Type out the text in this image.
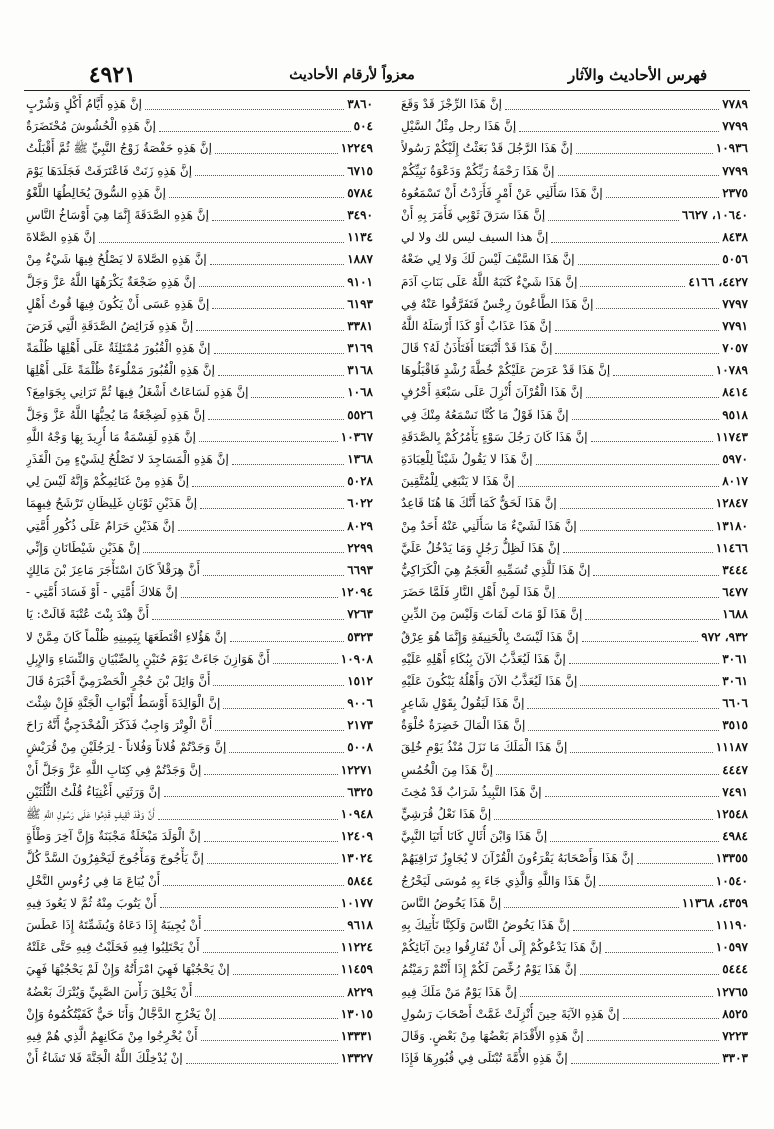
٤٩٢١	معزواً لأرقام الأحاديث	فهرس الأحاديث والآثار
إنَّ هَذِهِ أَيَّامُ أَكْلٍ وَشُرْبٍ	٣٨٦٠
إنَّ هَذِهِ الْحُشُوشَ مُحْتَضَرَةٌ	٥٠٤
إنَّ هَذِهِ حَفْصَةُ زَوْجُ النَّبِيِّ ﷺ ثُمَّ أَقْبَلْتُ	١٢٢٤٩
إنَّ هَذِهِ زَنَتْ فَاعْتَرَفَتْ فَجَلَدَهَا يَوْمَ	٦٧١٥
إنَّ هَذِهِ السُّوقَ يُخَالِطُهَا اللَّغْوُ	٥٧٨٤
إنَّ هَذِهِ الصَّدَقَةَ إِنَّمَا هِيَ أَوْسَاخُ النَّاسِ	٣٤٩٠
إنَّ هَذِهِ الصَّلاةَ	١١٣٤
إنَّ هَذِهِ الصَّلاةَ لا يَصْلُحُ فِيهَا شَيْءٌ مِنْ	١٨٨٧
إنَّ هَذِهِ ضَجْعَةٌ يَكْرَهُهَا اللَّهُ عَزَّ وَجَلَّ	٩١٠١
إنَّ هَذِهِ عَسَى أَنْ يَكُونَ فِيهَا قُوتُ أَهْلٍ	٦١٩٣
إنَّ هَذِهِ فَرَائِضُ الصَّدَقَةِ الَّتِي فَرَضَ	٣٣٨١
إنَّ هَذِهِ الْقُبُورَ مُمْتَلِئَةٌ عَلَى أَهْلِهَا ظُلْمَةً	٣١٦٩
إنَّ هَذِهِ الْقُبُورَ مَمْلُوءَةٌ ظُلْمَةً عَلَى أَهْلِهَا	٣١٦٨
إنَّ هَذِهِ لَسَاعَاتٌ أَشْغَلُ فِيهَا ثُمَّ تَرَانِي بِجَوَامِعَ؟	١٠٦٨
إنَّ هَذِهِ لَضِجْعَةٌ مَا يُحِبُّهَا اللَّهُ عَزَّ وَجَلَّ	٥٥٢٦
إنَّ هَذِهِ لَقِسْمَةٌ مَا أُرِيدَ بِهَا وَجْهُ اللَّهِ	١٠٣٦٧
إنَّ هَذِهِ الْمَسَاجِدَ لا تَصْلُحُ لِشَيْءٍ مِنَ الْقَذَرِ	١٣٦٨
إنَّ هَذِهِ مِنْ غَنَائِمِكُمْ وَإِنَّهُ لَيْسَ لِي	٥٠٢٨
إنَّ هَذَيْنِ ثَوْبَانِ غَلِيظَانِ تَرْشَحُ فِيهِمَا	٦٠٢٢
إنَّ هَذَيْنِ حَرَامٌ عَلَى ذُكُورِ أُمَّتِي	٨٠٢٩
إنَّ هَذَيْنِ شَيْطَانَانِ وَإِنِّي	٢٢٩٩
أَنَّ هِرَقْلاً كَانَ اسْتَأْجَرَ مَاعِزَ بْنَ مَالِكٍ	٦٦٩٣
إنَّ هَلاكَ أُمَّتِي - أَوْ فَسَادَ أُمَّتِي -	١٢٠٩٤
أَنَّ هِنْدَ بِنْتَ عُتْبَةَ قَالَتْ: يَا	٧٢٦٣
إنَّ هَؤُلاءِ اقْتَطَعَهَا بِيَمِينِهِ ظُلْماً كَانَ مِمَّنْ لا	٥٣٢٣
أَنَّ هَوَازِنَ جَاءَتْ يَوْمَ حُنَيْنٍ بِالصِّبْيَانِ وَالنِّسَاءِ وَالإِبِلِ	١٠٩٠٨
أَنَّ وَائِلَ بْنَ حُجْرٍ الْحَضْرَمِيَّ أَخْبَرَهُ قَالَ	١٥١٢
إنَّ الْوَالِدَةَ أَوْسَطُ أَبْوَابِ الْجَنَّةِ فَإِنْ شِئْتَ	٩٠٠٦
أَنَّ الْوِتْرَ وَاجِبٌ فَذَكَرَ الْمُخْدَجِيُّ أَنَّهُ رَاحَ	٢١٧٣
إنَّ وَجَدْتُمْ فُلاناً وَفُلاناً - لِرَجُلَيْنِ مِنْ قُرَيْشٍ	٥٠٠٨
إنَّ وَجَدْتُمْ فِي كِتَابِ اللَّهِ عَزَّ وَجَلَّ أَنْ	١٢٢٧١
إنَّ وَرَثَتِي أَغْنِيَاءُ قُلْتُ الثُّلُثَيْنِ	٦٣٢٥
أَنَّ وَفْدَ ثَقِيفٍ قَدِمُوا عَلَى رَسُولِ اللَّهِ ﷺ	١٠٩٤٨
إنَّ الْوَلَدَ مَبْخَلَةٌ مَجْبَنَةٌ وَإِنَّ آخِرَ وَطْأَةٍ	١٢٤٠٩
إنَّ يَأْجُوجَ وَمَأْجُوجَ لَيَحْفِرُونَ السَّدَّ كُلَّ	١٣٠٢٤
أَنْ يُبَاعَ مَا فِي رُءُوسِ النَّخْلِ	٥٨٤٤
أَنْ يَتُوبَ مِنْهُ ثُمَّ لا يَعُودَ فِيهِ	١٠١٧٧
أَنْ يُجِيبَهُ إِذَا دَعَاهُ وَيُشَمِّتَهُ إِذَا عَطَسَ	٩٦١٨
أَنْ يَحْتَلِبُوا فِيهِ فَحَلَبْتُ فِيهِ حَتَّى عَلَتْهُ	١١٢٢٤
إنْ يَحْجُبْهَا فَهِيَ امْرَأَتُهُ وَإِنْ لَمْ يَحْجُبْهَا فَهِيَ	١١٤٥٩
أَنْ يَحْلِقَ رَأْسَ الصَّبِيِّ وَيُتْرَكَ بَعْضُهُ	٨٢٢٩
إنْ يَخْرُجِ الدَّجَّالُ وَأَنَا حَيٌّ كَفَيْتُكُمُوهُ وَإِنْ	١٣٠١٥
أَنْ يُخْرِجُوا مِنْ مَكَانِهِمُ الَّذِي هُمْ فِيهِ	١٣٣٣١
إنْ يُدْخِلْكَ اللَّهُ الْجَنَّةَ فَلا تَشَاءُ أَنْ	١٣٣٢٧
إنَّ هَذَا الرِّجْزَ قَدْ وَقَعَ	٧٧٨٩
إنَّ هَذَا رجل مِثْلُ السَّيْلِ	٧٧٩٩
إنَّ هَذَا الرَّجُلَ قَدْ بَعَثْتُ إِلَيْكُمْ رَسُولاً	١٠٩٣٦
إنَّ هَذَا رَحْمَةُ رَبِّكُمْ وَدَعْوَةُ نَبِيِّكُمْ	٧٧٩٩
إنَّ هَذَا سَأَلَنِي عَنْ أَمْرٍ فَأَرَدْتُ أَنْ تَسْمَعُوهُ	٢٣٧٥
إنَّ هَذَا سَرَقَ ثَوْبِي فَأَمَرَ بِهِ أَنْ	١٠٦٤٠، ٦٦٢٧
إنَّ هذا السيف ليس لك ولا لي	٨٤٣٨
إنَّ هَذَا السَّيْفَ لَيْسَ لَكَ وَلا لِي ضَعْهُ	٥٠٥٦
إنَّ هَذَا شَيْءٌ كَتَبَهُ اللَّهُ عَلَى بَنَاتِ آدَمَ	٤٤٢٧، ٤١٦٦
إنَّ هَذَا الطَّاعُونَ رِجْسٌ فَتَفَرَّقُوا عَنْهُ فِي	٧٧٩٧
إنَّ هَذَا عَذَابٌ أَوْ كَذَا أَرْسَلَهُ اللَّهُ	٧٧٩١
إنَّ هَذَا قَدْ أَتْبَعَنَا أَفَتَأْذَنُ لَهُ؟ قَالَ	٧٠٥٧
إنَّ هَذَا قَدْ عَرَضَ عَلَيْكُمْ خُطَّةَ رُشْدٍ فَاقْبَلُوهَا	١٠٧٨٩
إنَّ هَذَا الْقُرْآنَ أُنْزِلَ عَلَى سَبْعَةِ أَحْرُفٍ	٨٤١٤
إنَّ هَذَا قَوْلٌ مَا كُنَّا نَسْمَعُهُ مِنْكَ فِي	٩٥١٨
إنَّ هَذَا كَانَ رَجُلَ سَوْءٍ يَأْمُرُكُمْ بِالصَّدَقَةِ	١١٧٤٣
إنَّ هَذَا لا يَقُولُ شَيْئاً لِلْعِبَادَةِ	٥٩٧٠
إنَّ هَذَا لا يَنْبَغِي لِلْمُتَّقِينَ	٨٠١٧
إنَّ هَذَا لَحَقٌّ كَمَا أَنَّكَ هَا هُنَا قَاعِدٌ	١٢٨٤٧
إنَّ هَذَا لَشَيْءٌ مَا سَأَلَنِي عَنْهُ أَحَدٌ مِنْ	١٣١٨٠
إنَّ هَذَا لَظِلُّ رَجُلٍ وَمَا يَدْخُلُ عَلَيَّ	١١٤٦٦
إنَّ هَذَا لَلَّذِي تُسَمِّيهِ الْعَجَمُ هِيَ الْكَرَاكِيُّ	٣٤٤٤
إنَّ هَذَا لَمِنْ أَهْلِ النَّارِ فَلَمَّا حَضَرَ	٦٤٧٧
إنَّ هَذَا لَوْ مَاتَ لَمَاتَ وَلَيْسَ مِنَ الدِّينِ	١٦٨٨
إنَّ هَذَا لَيْسَتْ بِالْحَنِيفَةِ وَإِنَّمَا هُوَ عِرْقٌ	٩٣٢، ٩٧٢
إنَّ هَذَا لَيُعَذَّبُ الآنَ بِبُكَاءِ أَهْلِهِ عَلَيْهِ	٣٠٦١
إنَّ هَذَا لَيُعَذَّبُ الآنَ وَأَهْلُهُ يَبْكُونَ عَلَيْهِ	٣٠٦١
إنَّ هَذَا لَيَقُولُ بِقَوْلِ شَاعِرٍ	٦٦٠٦
إنَّ هَذَا الْمَالَ خَضِرَةٌ حُلْوَةٌ	٣٥١٥
إنَّ هَذَا الْمَلَكَ مَا نَزَلَ مُنْذُ يَوْمِ خُلِقَ	١١١٨٧
إنَّ هَذَا مِنَ الْخُمُسِ	٤٤٤٧
إنَّ هَذَا النَّبِيذُ شَرَابٌ قَدْ مُخِثَ	٧٤٩١
إنَّ هَذَا نَعْلُ قُرَشِيٍّ	١٢٥٤٨
إنَّ هَذَا وَابْنَ أُثَالٍ كَانَا أَتَيَا النَّبِيَّ	٤٩٨٤
إنَّ هَذَا وَأَصْحَابَهُ يَقْرَءُونَ الْقُرْآنَ لا يُجَاوِزُ تَرَاقِيَهُمْ	١٣٣٥٥
إنَّ هَذَا وَاللَّهِ وَالَّذِي جَاءَ بِهِ مُوسَى لَيَخْرُجُ	١٠٥٤٠
إنَّ هَذَا يَخُوضُ النَّاسَ	٤٣٥٩، ١١٣٦٨
إنَّ هَذَا يَخُوضُ النَّاسَ وَلَكِنَّا نَأْتِيكَ بِهِ	١١١٩٠
إنَّ هَذَا يَدْعُوكُمْ إِلَى أَنْ تُفَارِقُوا دِينَ آبَائِكُمْ	١٠٥٩٧
إنَّ هَذَا يَوْمٌ رُخِّصَ لَكُمْ إِذَا أَنْتُمْ رَمَيْتُمُ	٥٤٤٤
إنَّ هَذَا يَوْمٌ مَنْ مَلَكَ فِيهِ	١٢٧٦٥
إنَّ هَذِهِ الآيَةَ حِينَ أُنْزِلَتْ غَمَّتْ أَصْحَابَ رَسُولِ	٨٥٢٥
إنَّ هَذِهِ الأَقْدَامَ بَعْضُهَا مِنْ بَعْضٍ. وَقَالَ	٧٢٢٣
إنَّ هَذِهِ الأُمَّةَ تُبْتَلَى فِي قُبُورِهَا فَإِذَا	٣٣٠٣
